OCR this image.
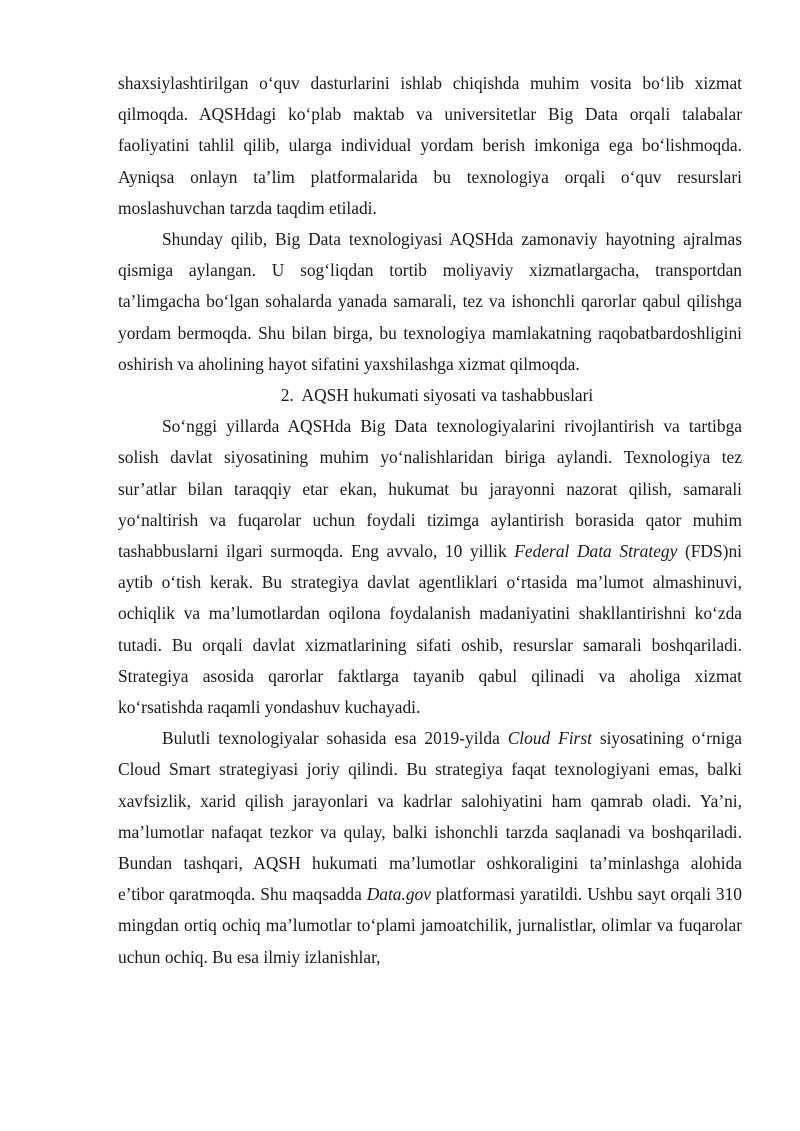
shaxsiylashtirilgan o‘quv dasturlarini ishlab chiqishda muhim vosita bo‘lib xizmat qilmoqda. AQSHdagi ko‘plab maktab va universitetlar Big Data orqali talabalar faoliyatini tahlil qilib, ularga individual yordam berish imkoniga ega bo‘lishmoqda. Ayniqsa onlayn ta’lim platformalarida bu texnologiya orqali o‘quv resurslari moslashuvchan tarzda taqdim etiladi.

Shunday qilib, Big Data texnologiyasi AQSHda zamonaviy hayotning ajralmas qismiga aylangan. U sog‘liqdan tortib moliyaviy xizmatlargacha, transportdan ta’limgacha bo‘lgan sohalarda yanada samarali, tez va ishonchli qarorlar qabul qilishga yordam bermoqda. Shu bilan birga, bu texnologiya mamlakatning raqobatbardoshligini oshirish va aholining hayot sifatini yaxshilashga xizmat qilmoqda.

2. AQSH hukumati siyosati va tashabbuslari

So‘nggi yillarda AQSHda Big Data texnologiyalarini rivojlantirish va tartibga solish davlat siyosatining muhim yo‘nalishlaridan biriga aylandi. Texnologiya tez sur’atlar bilan taraqqiy etar ekan, hukumat bu jarayonni nazorat qilish, samarali yo‘naltirish va fuqarolar uchun foydali tizimga aylantirish borasida qator muhim tashabbuslarni ilgari surmoqda. Eng avvalo, 10 yillik Federal Data Strategy (FDS)ni aytib o‘tish kerak. Bu strategiya davlat agentliklari o‘rtasida ma’lumot almashinuvi, ochiqlik va ma’lumotlardan oqilona foydalanish madaniyatini shakllantirishni ko‘zda tutadi. Bu orqali davlat xizmatlarining sifati oshib, resurslar samarali boshqariladi. Strategiya asosida qarorlar faktlarga tayanib qabul qilinadi va aholiga xizmat ko‘rsatishda raqamli yondashuv kuchayadi.

Bulutli texnologiyalar sohasida esa 2019-yilda Cloud First siyosatining o‘rniga Cloud Smart strategiyasi joriy qilindi. Bu strategiya faqat texnologiyani emas, balki xavfsizlik, xarid qilish jarayonlari va kadrlar salohiyatini ham qamrab oladi. Ya’ni, ma’lumotlar nafaqat tezkor va qulay, balki ishonchli tarzda saqlanadi va boshqariladi. Bundan tashqari, AQSH hukumati ma’lumotlar oshkoraligini ta’minlashga alohida e’tibor qaratmoqda. Shu maqsadda Data.gov platformasi yaratildi. Ushbu sayt orqali 310 mingdan ortiq ochiq ma’lumotlar to‘plami jamoatchilik, jurnalistlar, olimlar va fuqarolar uchun ochiq. Bu esa ilmiy izlanishlar,
